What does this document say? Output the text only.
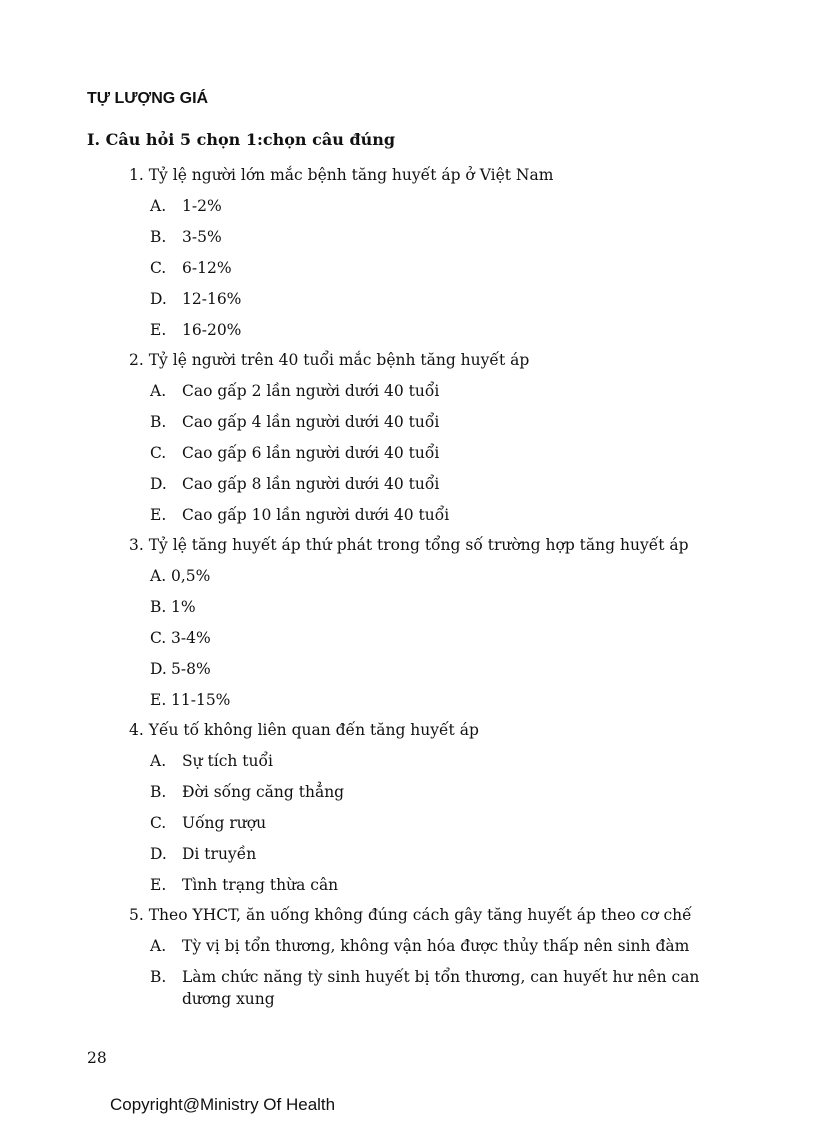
TỰ LƯỢNG GIÁ
I. Câu hỏi 5 chọn 1:chọn câu đúng
1. Tỷ lệ người lớn mắc bệnh tăng huyết áp ở Việt Nam
A. 1-2%
B. 3-5%
C. 6-12%
D. 12-16%
E. 16-20%
2. Tỷ lệ người trên 40 tuổi mắc bệnh tăng huyết áp
A. Cao gấp 2 lần người dưới 40 tuổi
B. Cao gấp 4 lần người dưới 40 tuổi
C. Cao gấp 6 lần người dưới 40 tuổi
D. Cao gấp 8 lần người dưới 40 tuổi
E. Cao gấp 10 lần người dưới 40 tuổi
3. Tỷ lệ tăng huyết áp thứ phát trong tổng số trường hợp tăng huyết áp
A. 0,5%
B. 1%
C. 3-4%
D. 5-8%
E. 11-15%
4. Yếu tố không liên quan đến tăng huyết áp
A. Sự tích tuổi
B. Đời sống căng thẳng
C. Uống rượu
D. Di truyền
E. Tình trạng thừa cân
5. Theo YHCT, ăn uống không đúng cách gây tăng huyết áp theo cơ chế
A. Tỳ vị bị tổn thương, không vận hóa được thủy thấp nên sinh đàm
B. Làm chức năng tỳ sinh huyết bị tổn thương, can huyết hư nên can dương xung
28
Copyright@Ministry Of Health
